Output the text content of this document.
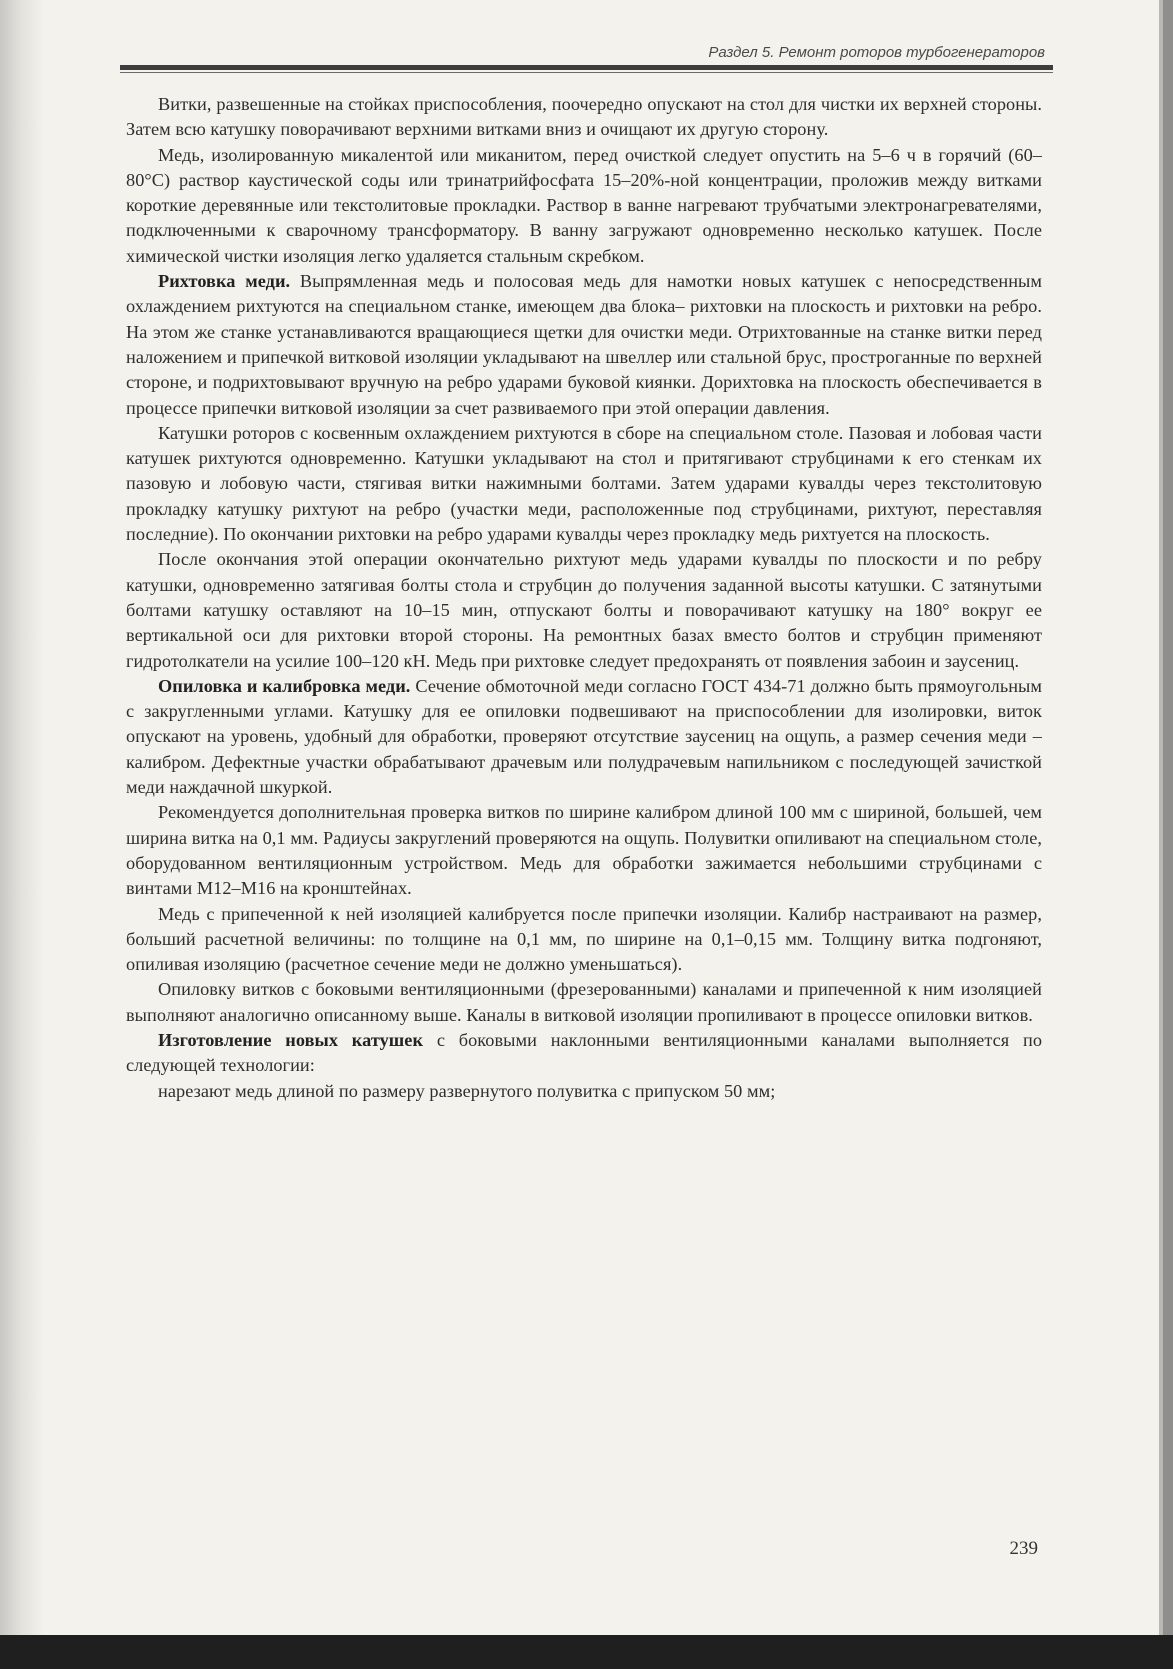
Раздел 5. Ремонт роторов турбогенераторов

Витки, развешенные на стойках приспособления, поочередно опускают на стол для чистки их верхней стороны. Затем всю катушку поворачивают верхними витками вниз и очищают их другую сторону.

Медь, изолированную микалентой или миканитом, перед очисткой следует опустить на 5–6 ч в горячий (60–80°С) раствор каустической соды или тринатрийфосфата 15–20%-ной концентрации, проложив между витками короткие деревянные или текстолитовые прокладки. Раствор в ванне нагревают трубчатыми электронагревателями, подключенными к сварочному трансформатору. В ванну загружают одновременно несколько катушек. После химической чистки изоляция легко удаляется стальным скребком.

Рихтовка меди. Выпрямленная медь и полосовая медь для намотки новых катушек с непосредственным охлаждением рихтуются на специальном станке, имеющем два блока– рихтовки на плоскость и рихтовки на ребро. На этом же станке устанавливаются вращающиеся щетки для очистки меди. Отрихтованные на станке витки перед наложением и припечкой витковой изоляции укладывают на швеллер или стальной брус, простроганные по верхней стороне, и подрихтовывают вручную на ребро ударами буковой киянки. Дорихтовка на плоскость обеспечивается в процессе припечки витковой изоляции за счет развиваемого при этой операции давления.

Катушки роторов с косвенным охлаждением рихтуются в сборе на специальном столе. Пазовая и лобовая части катушек рихтуются одновременно. Катушки укладывают на стол и притягивают струбцинами к его стенкам их пазовую и лобовую части, стягивая витки нажимными болтами. Затем ударами кувалды через текстолитовую прокладку катушку рихтуют на ребро (участки меди, расположенные под струбцинами, рихтуют, переставляя последние). По окончании рихтовки на ребро ударами кувалды через прокладку медь рихтуется на плоскость.

После окончания этой операции окончательно рихтуют медь ударами кувалды по плоскости и по ребру катушки, одновременно затягивая болты стола и струбцин до получения заданной высоты катушки. С затянутыми болтами катушку оставляют на 10–15 мин, отпускают болты и поворачивают катушку на 180° вокруг ее вертикальной оси для рихтовки второй стороны. На ремонтных базах вместо болтов и струбцин применяют гидротолкатели на усилие 100–120 кН. Медь при рихтовке следует предохранять от появления забоин и заусениц.

Опиловка и калибровка меди. Сечение обмоточной меди согласно ГОСТ 434-71 должно быть прямоугольным с закругленными углами. Катушку для ее опиловки подвешивают на приспособлении для изолировки, виток опускают на уровень, удобный для обработки, проверяют отсутствие заусениц на ощупь, а размер сечения меди – калибром. Дефектные участки обрабатывают драчевым или полудрачевым напильником с последующей зачисткой меди наждачной шкуркой.

Рекомендуется дополнительная проверка витков по ширине калибром длиной 100 мм с шириной, большей, чем ширина витка на 0,1 мм. Радиусы закруглений проверяются на ощупь. Полувитки опиливают на специальном столе, оборудованном вентиляционным устройством. Медь для обработки зажимается небольшими струбцинами с винтами М12–М16 на кронштейнах.

Медь с припеченной к ней изоляцией калибруется после припечки изоляции. Калибр настраивают на размер, больший расчетной величины: по толщине на 0,1 мм, по ширине на 0,1–0,15 мм. Толщину витка подгоняют, опиливая изоляцию (расчетное сечение меди не должно уменьшаться).

Опиловку витков с боковыми вентиляционными (фрезерованными) каналами и припеченной к ним изоляцией выполняют аналогично описанному выше. Каналы в витковой изоляции пропиливают в процессе опиловки витков.

Изготовление новых катушек с боковыми наклонными вентиляционными каналами выполняется по следующей технологии:

нарезают медь длиной по размеру развернутого полувитка с припуском 50 мм;

239
